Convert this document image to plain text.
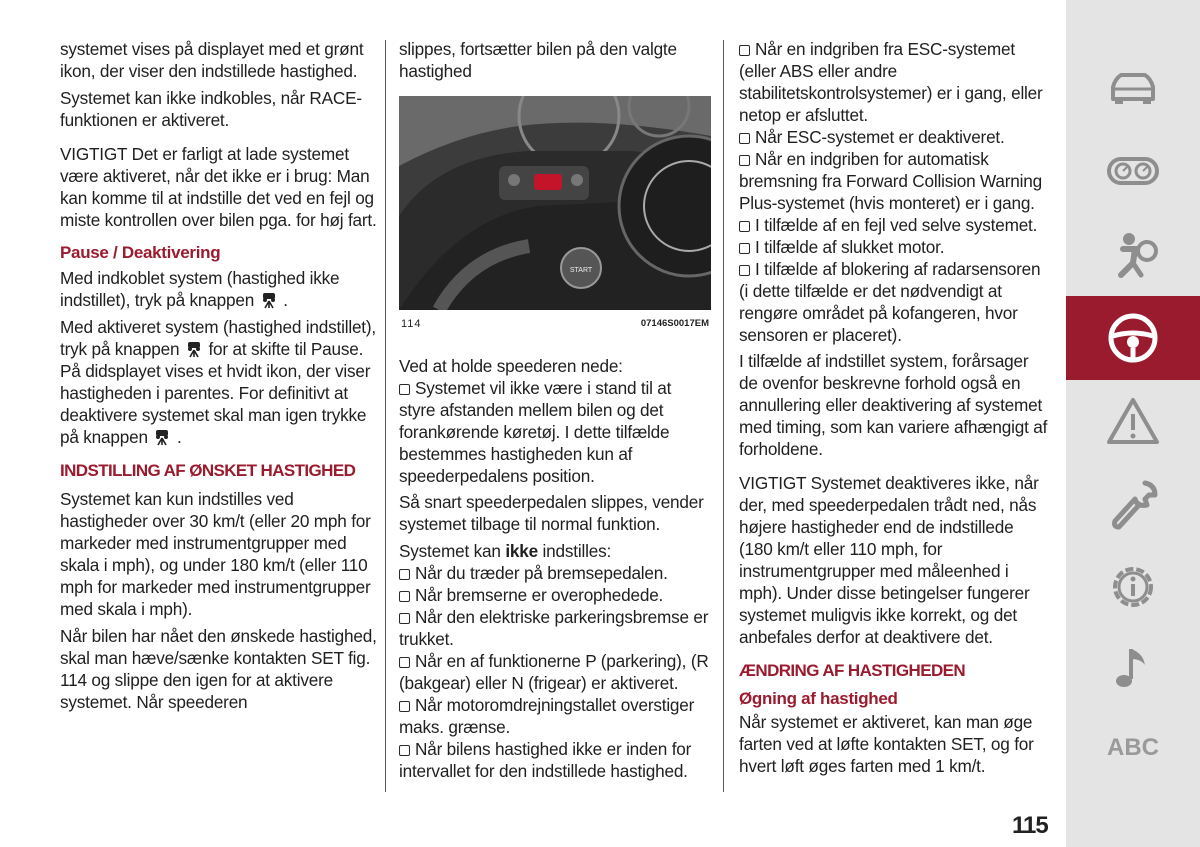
systemet vises på displayet med et grønt ikon, der viser den indstillede hastighed.

Systemet kan ikke indkobles, når RACE-funktionen er aktiveret.

VIGTIGT Det er farligt at lade systemet være aktiveret, når det ikke er i brug: Man kan komme til at indstille det ved en fejl og miste kontrollen over bilen pga. for høj fart.

Pause / Deaktivering

Med indkoblet system (hastighed ikke indstillet), tryk på knappen .

Med aktiveret system (hastighed indstillet), tryk på knappen for at skifte til Pause. På didsplayet vises et hvidt ikon, der viser hastigheden i parentes. For definitivt at deaktivere systemet skal man igen trykke på knappen .

INDSTILLING AF ØNSKET HASTIGHED

Systemet kan kun indstilles ved hastigheder over 30 km/t (eller 20 mph for markeder med instrumentgrupper med skala i mph), og under 180 km/t (eller 110 mph for markeder med instrumentgrupper med skala i mph).

Når bilen har nået den ønskede hastighed, skal man hæve/sænke kontakten SET fig. 114 og slippe den igen for at aktivere systemet. Når speederen

slippes, fortsætter bilen på den valgte hastighed

START
114	07146S0017EM

Ved at holde speederen nede:

Systemet vil ikke være i stand til at styre afstanden mellem bilen og det forankørende køretøj. I dette tilfælde bestemmes hastigheden kun af speederpedalens position.

Så snart speederpedalen slippes, vender systemet tilbage til normal funktion.

Systemet kan ikke indstilles:

Når du træder på bremsepedalen.
Når bremserne er overophedede.
Når den elektriske parkeringsbremse er trukket.
Når en af funktionerne P (parkering), (R (bakgear) eller N (frigear) er aktiveret.
Når motoromdrejningstallet overstiger maks. grænse.
Når bilens hastighed ikke er inden for intervallet for den indstillede hastighed.
Når en indgriben fra ESC-systemet (eller ABS eller andre stabilitetskontrolsystemer) er i gang, eller netop er afsluttet.
Når ESC-systemet er deaktiveret.
Når en indgriben for automatisk bremsning fra Forward Collision Warning Plus-systemet (hvis monteret) er i gang.
I tilfælde af en fejl ved selve systemet.
I tilfælde af slukket motor.
I tilfælde af blokering af radarsensoren (i dette tilfælde er det nødvendigt at rengøre området på kofangeren, hvor sensoren er placeret).

I tilfælde af indstillet system, forårsager de ovenfor beskrevne forhold også en annullering eller deaktivering af systemet med timing, som kan variere afhængigt af forholdene.

VIGTIGT Systemet deaktiveres ikke, når der, med speederpedalen trådt ned, nås højere hastigheder end de indstillede (180 km/t eller 110 mph, for instrumentgrupper med måleenhed i mph). Under disse betingelser fungerer systemet muligvis ikke korrekt, og det anbefales derfor at deaktivere det.

ÆNDRING AF HASTIGHEDEN
Øgning af hastighed

Når systemet er aktiveret, kan man øge farten ved at løfte kontakten SET, og for hvert løft øges farten med 1 km/t.

ABC
115
